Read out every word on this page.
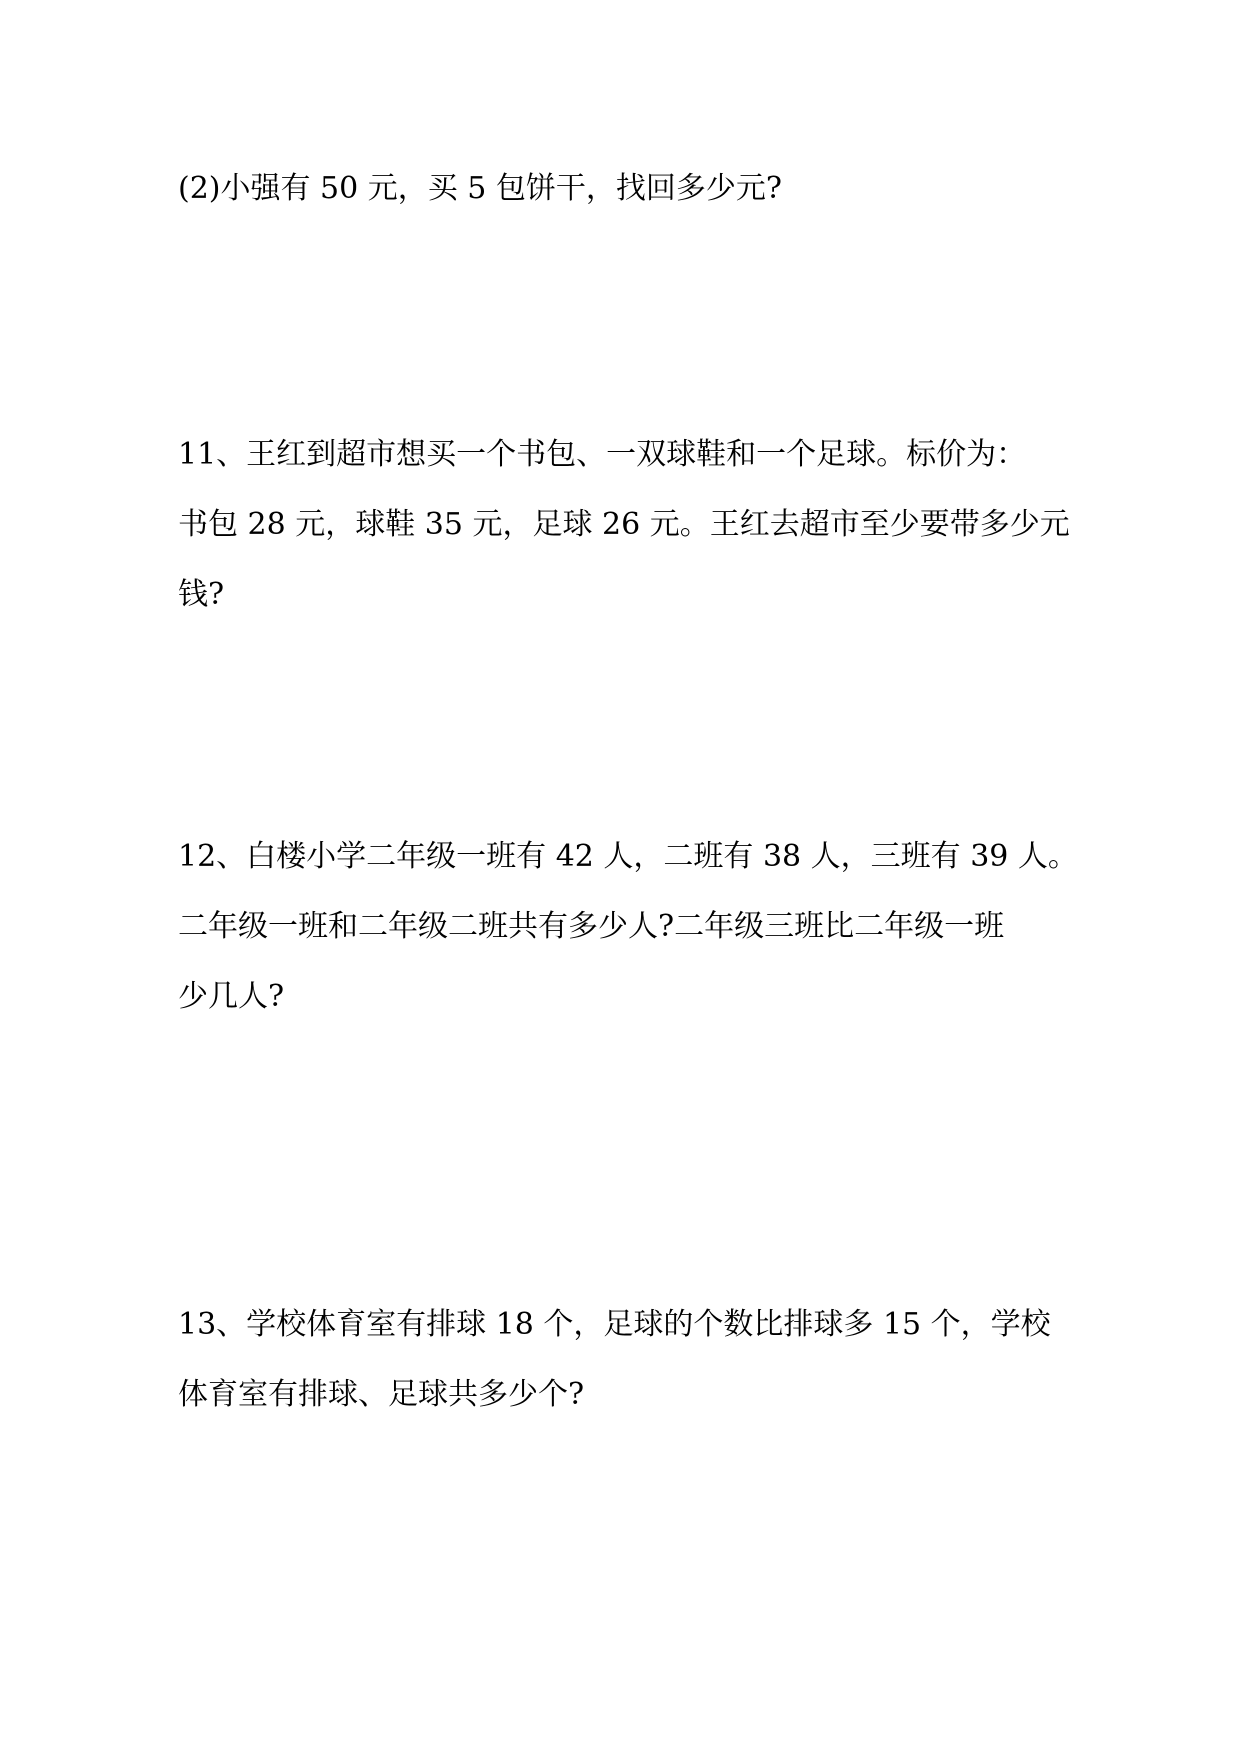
(2)小强有 50 元，买 5 包饼干，找回多少元?
11、王红到超市想买一个书包、一双球鞋和一个足球。标价为：
书包 28 元，球鞋 35 元，足球 26 元。王红去超市至少要带多少元
钱?
12、白楼小学二年级一班有 42 人，二班有 38 人，三班有 39 人。
二年级一班和二年级二班共有多少人?二年级三班比二年级一班
少几人?
13、学校体育室有排球 18 个，足球的个数比排球多 15 个，学校
体育室有排球、足球共多少个?
